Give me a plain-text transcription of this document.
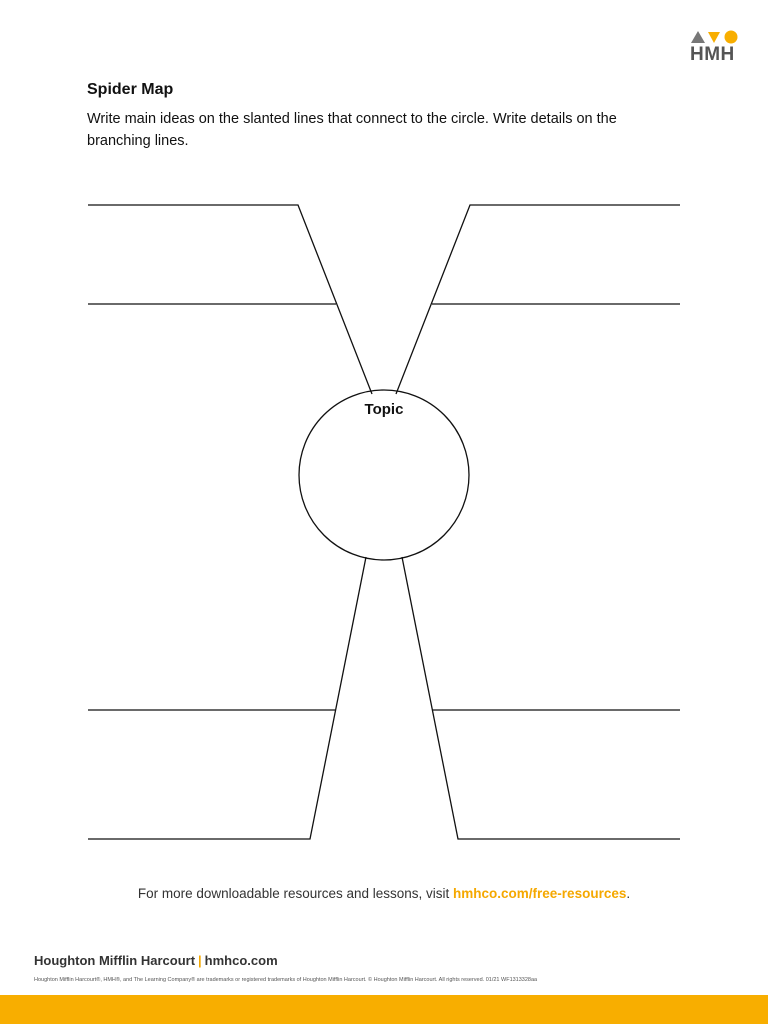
HMH
Spider Map

Write main ideas on the slanted lines that connect to the circle. Write details on the branching lines.

Topic
For more downloadable resources and lessons, visit hmhco.com/free-resources.
Houghton Mifflin Harcourt | hmhco.com
Houghton Mifflin Harcourt®, HMH®, and The Learning Company® are trademarks or registered trademarks of Houghton Mifflin Harcourt. © Houghton Mifflin Harcourt. All rights reserved. 01/21 WF1313328aa
